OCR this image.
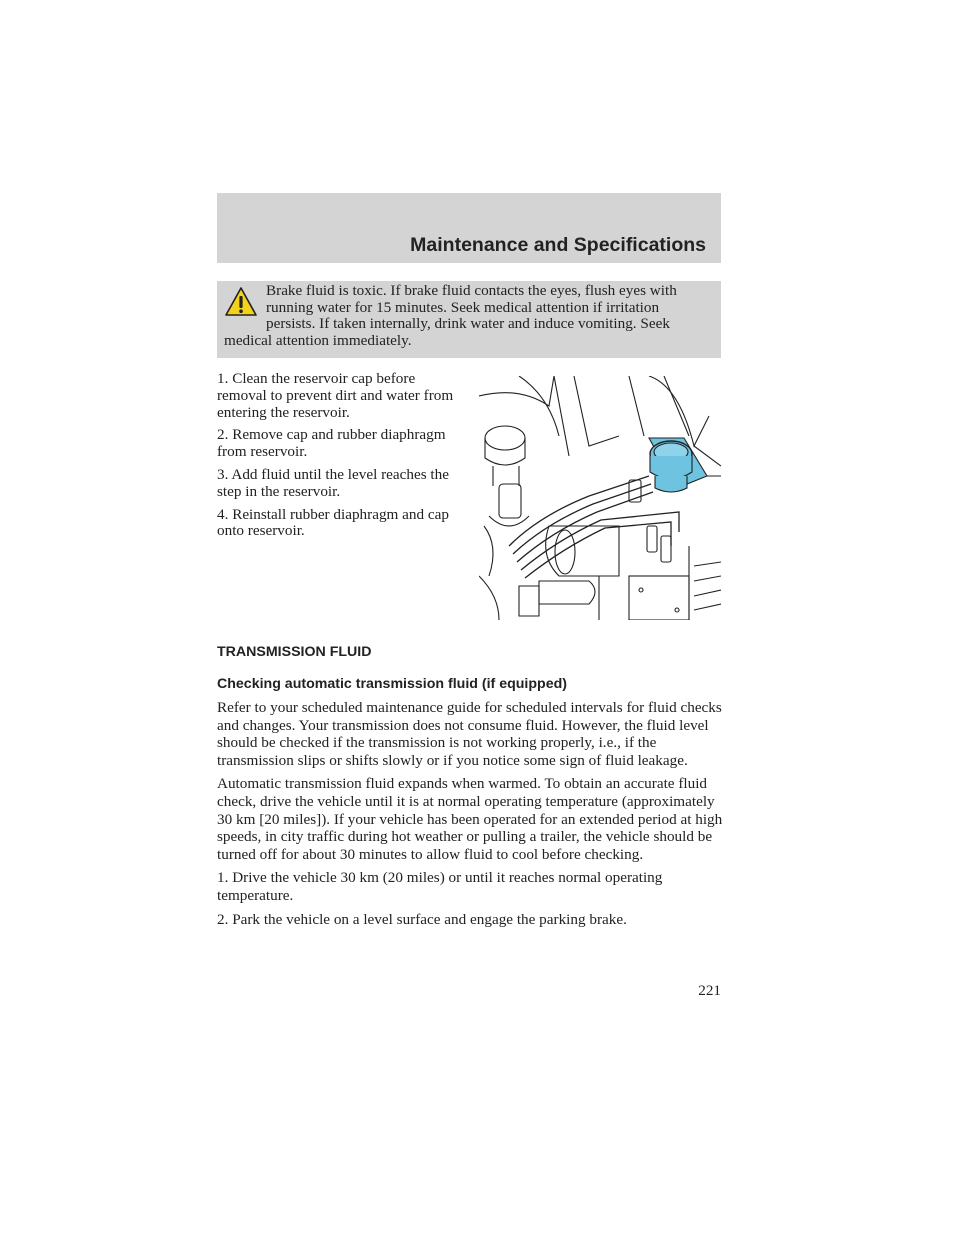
Maintenance and Specifications
Brake fluid is toxic. If brake fluid contacts the eyes, flush eyes with running water for 15 minutes. Seek medical attention if irritation persists. If taken internally, drink water and induce vomiting. Seek medical attention immediately.

1. Clean the reservoir cap before removal to prevent dirt and water from entering the reservoir.

2. Remove cap and rubber diaphragm from reservoir.

3. Add fluid until the level reaches the step in the reservoir.

4. Reinstall rubber diaphragm and cap onto reservoir.

TRANSMISSION FLUID
Checking automatic transmission fluid (if equipped)

Refer to your scheduled maintenance guide for scheduled intervals for fluid checks and changes. Your transmission does not consume fluid. However, the fluid level should be checked if the transmission is not working properly, i.e., if the transmission slips or shifts slowly or if you notice some sign of fluid leakage.

Automatic transmission fluid expands when warmed. To obtain an accurate fluid check, drive the vehicle until it is at normal operating temperature (approximately 30 km [20 miles]). If your vehicle has been operated for an extended period at high speeds, in city traffic during hot weather or pulling a trailer, the vehicle should be turned off for about 30 minutes to allow fluid to cool before checking.

1. Drive the vehicle 30 km (20 miles) or until it reaches normal operating temperature.

2. Park the vehicle on a level surface and engage the parking brake.

221
